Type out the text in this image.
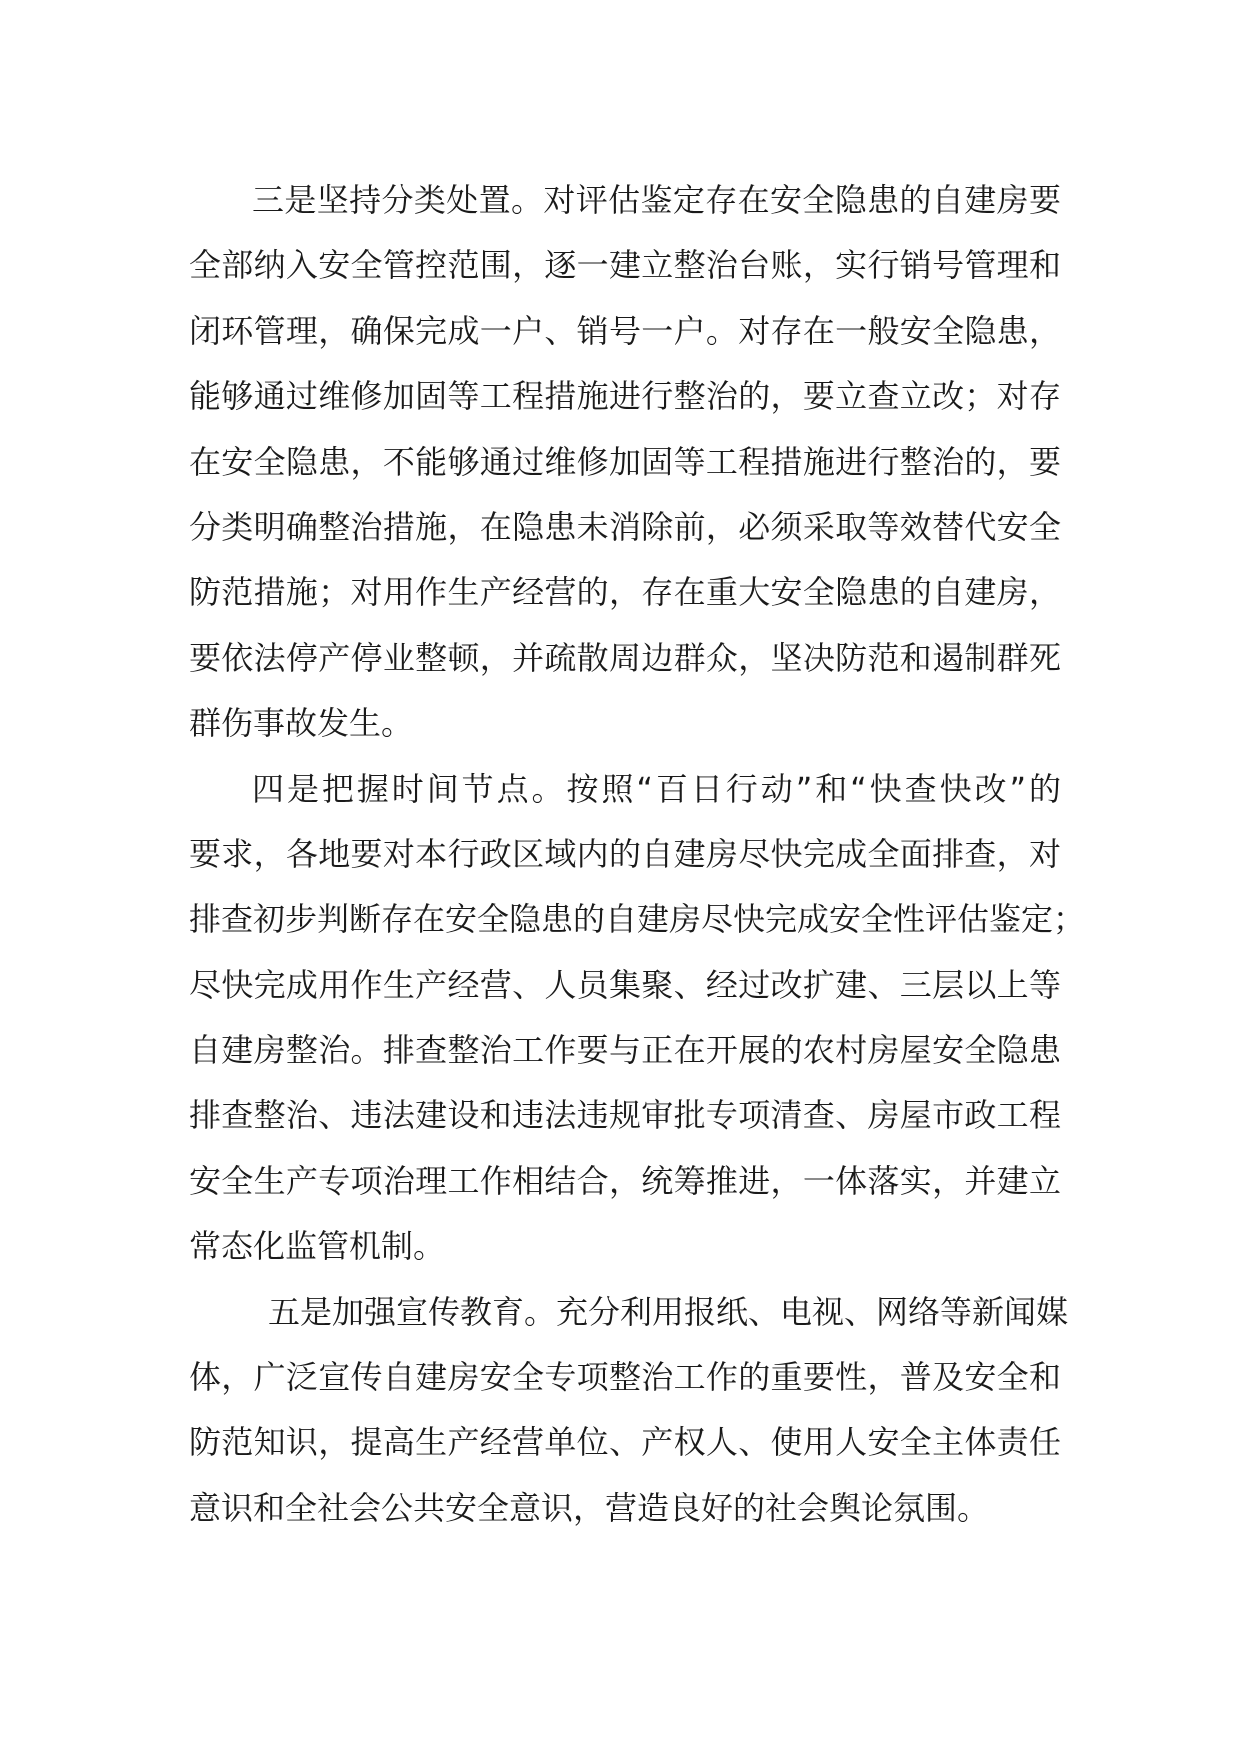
三是坚持分类处置。对评估鉴定存在安全隐患的自建房要
全部纳入安全管控范围，逐一建立整治台账，实行销号管理和
闭环管理，确保完成一户、销号一户。对存在一般安全隐患，
能够通过维修加固等工程措施进行整治的，要立查立改；对存
在安全隐患，不能够通过维修加固等工程措施进行整治的，要
分类明确整治措施，在隐患未消除前，必须采取等效替代安全
防范措施；对用作生产经营的，存在重大安全隐患的自建房，
要依法停产停业整顿，并疏散周边群众，坚决防范和遏制群死
群伤事故发生。
四是把握时间节点。按照“百日行动”和“快查快改”的
要求，各地要对本行政区域内的自建房尽快完成全面排查，对
排查初步判断存在安全隐患的自建房尽快完成安全性评估鉴定；
尽快完成用作生产经营、人员集聚、经过改扩建、三层以上等
自建房整治。排查整治工作要与正在开展的农村房屋安全隐患
排查整治、违法建设和违法违规审批专项清查、房屋市政工程
安全生产专项治理工作相结合，统筹推进，一体落实，并建立
常态化监管机制。
五是加强宣传教育。充分利用报纸、电视、网络等新闻媒
体，广泛宣传自建房安全专项整治工作的重要性，普及安全和
防范知识，提高生产经营单位、产权人、使用人安全主体责任
意识和全社会公共安全意识，营造良好的社会舆论氛围。
